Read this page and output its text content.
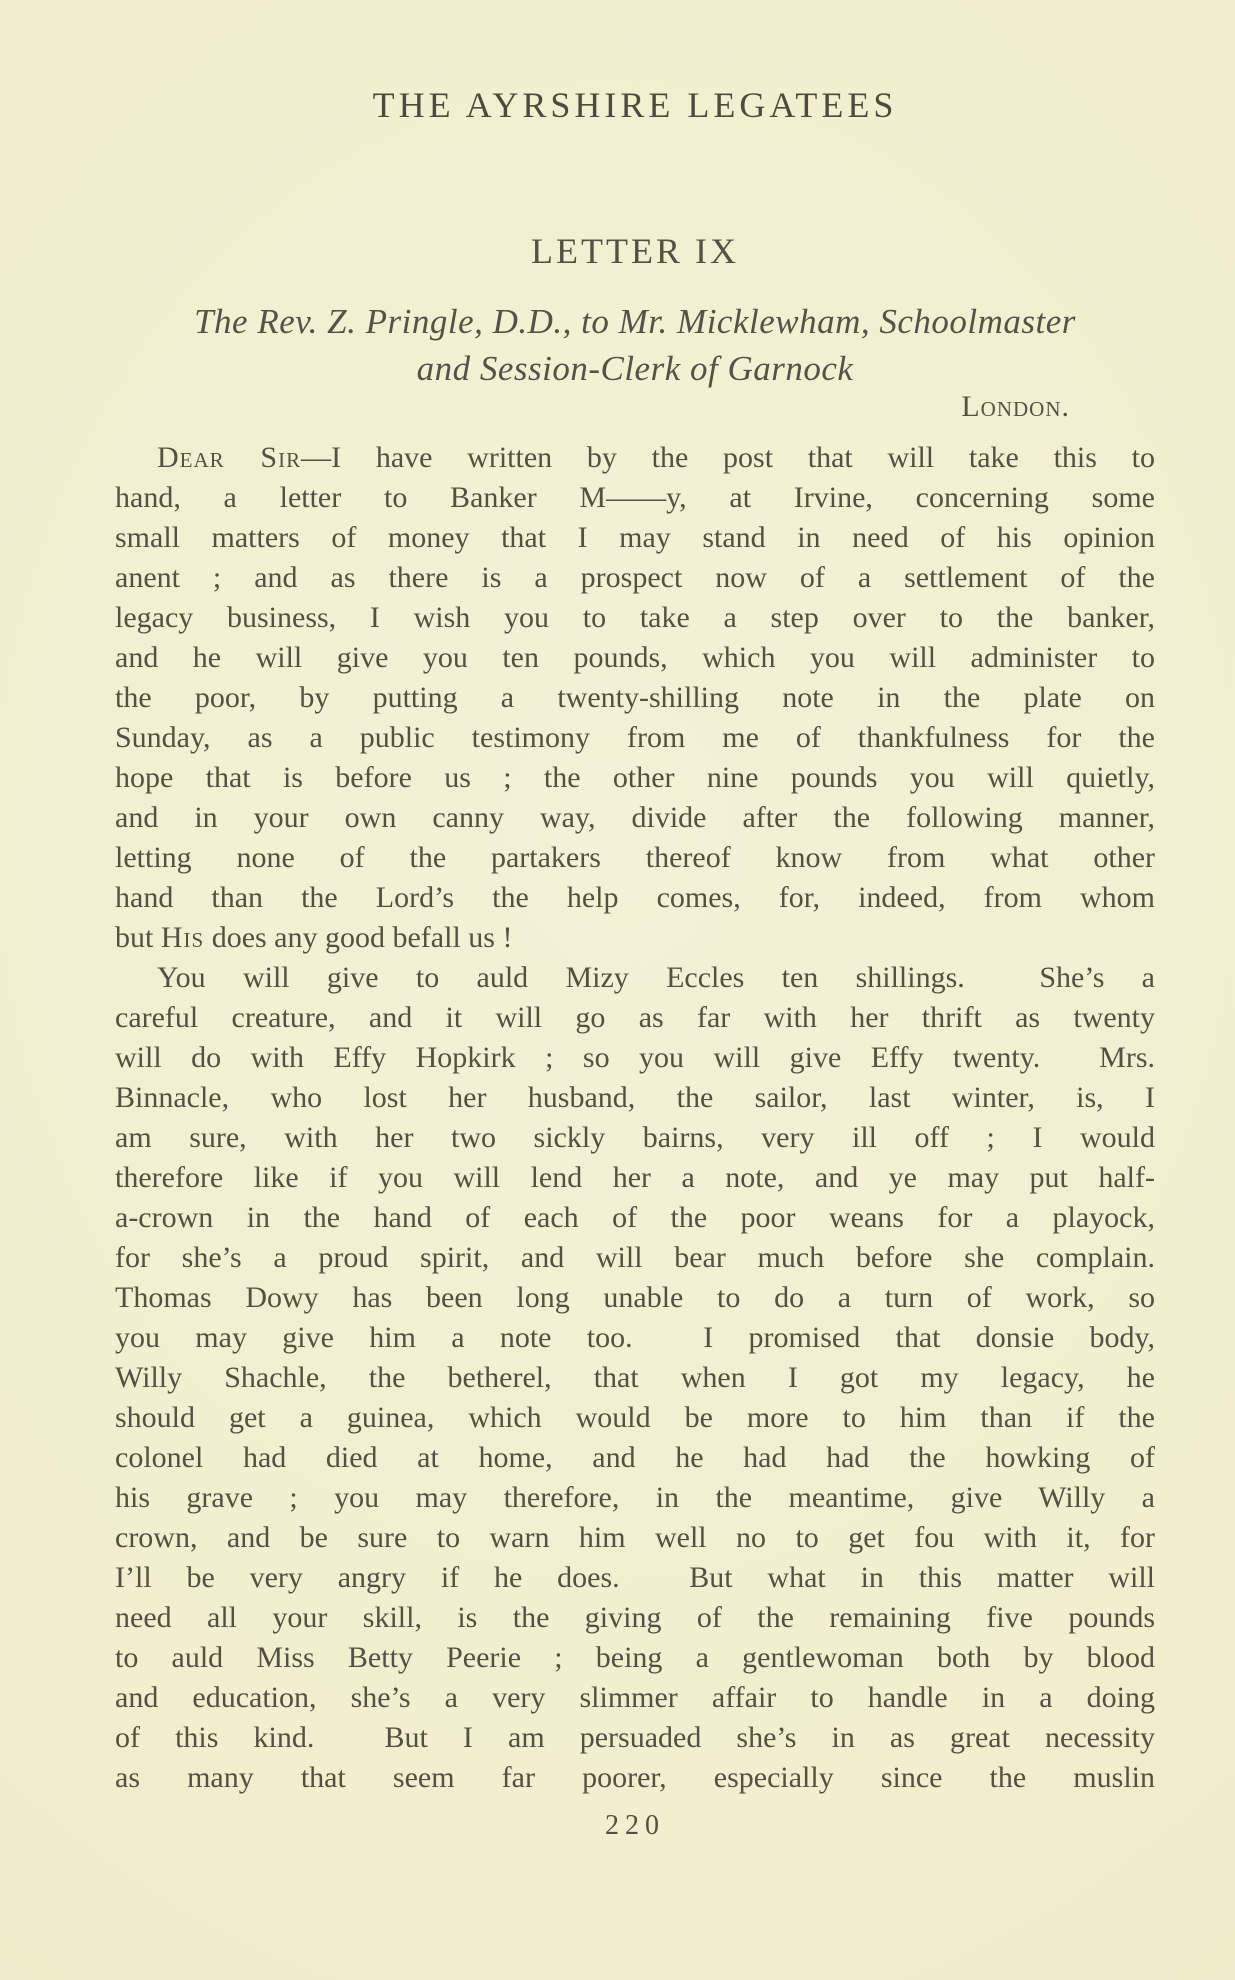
THE AYRSHIRE LEGATEES
LETTER IX
The Rev. Z. Pringle, D.D., to Mr. Micklewham, Schoolmaster
and Session-Clerk of Garnock
London.
Dear Sir—I have written by the post that will take this to
hand, a letter to Banker M——y, at Irvine, concerning some
small matters of money that I may stand in need of his opinion
anent ; and as there is a prospect now of a settlement of the
legacy business, I wish you to take a step over to the banker,
and he will give you ten pounds, which you will administer to
the poor, by putting a twenty-shilling note in the plate on
Sunday, as a public testimony from me of thankfulness for the
hope that is before us ; the other nine pounds you will quietly,
and in your own canny way, divide after the following manner,
letting none of the partakers thereof know from what other
hand than the Lord’s the help comes, for, indeed, from whom
but His does any good befall us !
You will give to auld Mizy Eccles ten shillings.  She’s a
careful creature, and it will go as far with her thrift as twenty
will do with Effy Hopkirk ; so you will give Effy twenty.  Mrs.
Binnacle, who lost her husband, the sailor, last winter, is, I
am sure, with her two sickly bairns, very ill off ; I would
therefore like if you will lend her a note, and ye may put half-
a-crown in the hand of each of the poor weans for a playock,
for she’s a proud spirit, and will bear much before she complain.
Thomas Dowy has been long unable to do a turn of work, so
you may give him a note too.  I promised that donsie body,
Willy Shachle, the betherel, that when I got my legacy, he
should get a guinea, which would be more to him than if the
colonel had died at home, and he had had the howking of
his grave ; you may therefore, in the meantime, give Willy a
crown, and be sure to warn him well no to get fou with it, for
I’ll be very angry if he does.  But what in this matter will
need all your skill, is the giving of the remaining five pounds
to auld Miss Betty Peerie ; being a gentlewoman both by blood
and education, she’s a very slimmer affair to handle in a doing
of this kind.  But I am persuaded she’s in as great necessity
as many that seem far poorer, especially since the muslin
220
